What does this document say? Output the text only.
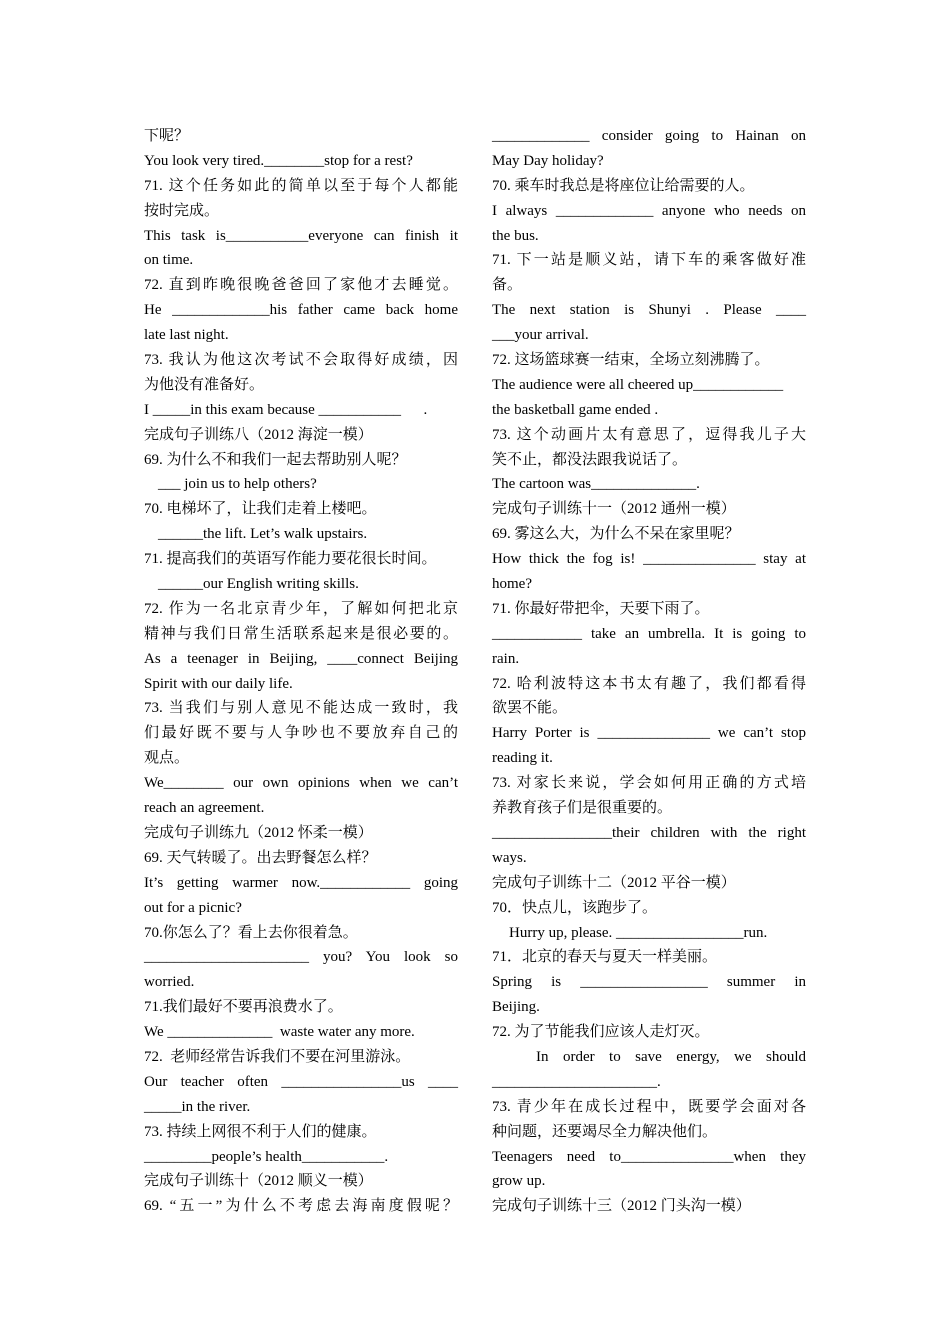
下呢？
You look very tired.________stop for a rest?
71. 这个任务如此的简单以至于每个人都能
按时完成。
This task is___________everyone can finish it
on time.
72. 直到昨晚很晚爸爸回了家他才去睡觉。
He _____________his father came back home
late last night.
73. 我认为他这次考试不会取得好成绩，因
为他没有准备好。
I _____in this exam because ___________      .
完成句子训练八（2012 海淀一模）
69. 为什么不和我们一起去帮助别人呢？
___ join us to help others?
70. 电梯坏了，让我们走着上楼吧。
______the lift. Let’s walk upstairs.
71. 提高我们的英语写作能力要花很长时间。
______our English writing skills.
72. 作为一名北京青少年，了解如何把北京
精神与我们日常生活联系起来是很必要的。
As a teenager in Beijing, ____connect Beijing
Spirit with our daily life.
73. 当我们与别人意见不能达成一致时，我
们最好既不要与人争吵也不要放弃自己的
观点。
We________ our own opinions when we can’t
reach an agreement.
完成句子训练九（2012 怀柔一模）
69. 天气转暖了。出去野餐怎么样？
It’s getting warmer now.____________ going
out for a picnic?
70.你怎么了？看上去你很着急。
______________________ you? You look so
worried.
71.我们最好不要再浪费水了。
We ______________  waste water any more.
72.  老师经常告诉我们不要在河里游泳。
Our teacher often ________________us ____
_____in the river.
73. 持续上网很不利于人们的健康。
_________people’s health___________.
完成句子训练十（2012 顺义一模）
69. “五一”为什么不考虑去海南度假呢？
_____________ consider going to Hainan on
May Day holiday?
70. 乘车时我总是将座位让给需要的人。
I always _____________ anyone who needs on
the bus.
71. 下一站是顺义站，请下车的乘客做好准
备。
The next station is Shunyi . Please ____
___your arrival.
72. 这场篮球赛一结束，全场立刻沸腾了。
The audience were all cheered up____________
the basketball game ended .
73. 这个动画片太有意思了，逗得我儿子大
笑不止，都没法跟我说话了。
The cartoon was______________.
完成句子训练十一（2012 通州一模）
69. 雾这么大，为什么不呆在家里呢？
How thick the fog is! _______________ stay at
home?
71. 你最好带把伞，天要下雨了。
____________ take an umbrella. It is going to
rain.
72. 哈利波特这本书太有趣了，我们都看得
欲罢不能。
Harry Porter is _______________ we can’t stop
reading it.
73. 对家长来说，学会如何用正确的方式培
养教育孩子们是很重要的。
________________their children with the right
ways.
完成句子训练十二（2012 平谷一模）
70．快点儿，该跑步了。
Hurry up, please. _________________run.
71．北京的春天与夏天一样美丽。
Spring is _________________ summer in
Beijing.
72. 为了节能我们应该人走灯灭。
In order to save energy, we should
______________________.
73. 青少年在成长过程中，既要学会面对各
种问题，还要竭尽全力解决他们。
Teenagers need to_______________when they
grow up.
完成句子训练十三（2012 门头沟一模）
